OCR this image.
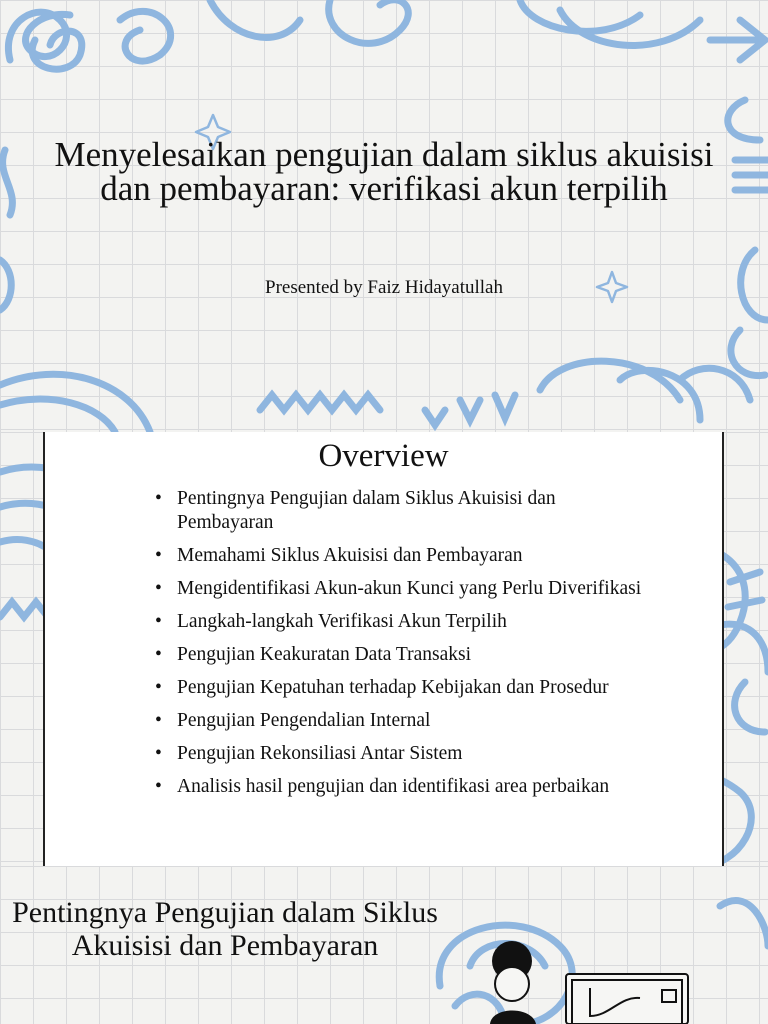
Menyelesaikan pengujian dalam siklus akuisisi dan pembayaran: verifikasi akun terpilih
Presented by Faiz Hidayatullah
Overview
• Pentingnya Pengujian dalam Siklus Akuisisi dan Pembayaran
• Memahami Siklus Akuisisi dan Pembayaran
• Mengidentifikasi Akun-akun Kunci yang Perlu Diverifikasi
• Langkah-langkah Verifikasi Akun Terpilih
• Pengujian Keakuratan Data Transaksi
• Pengujian Kepatuhan terhadap Kebijakan dan Prosedur
• Pengujian Pengendalian Internal
• Pengujian Rekonsiliasi Antar Sistem
• Analisis hasil pengujian dan identifikasi area perbaikan
Pentingnya Pengujian dalam Siklus Akuisisi dan Pembayaran
